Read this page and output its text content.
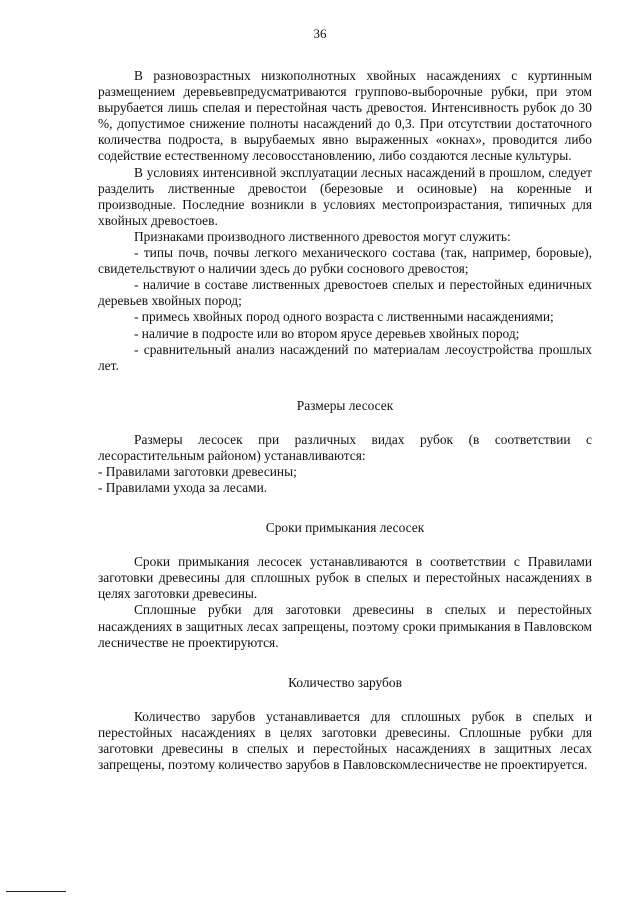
36

В разновозрастных низкополнотных хвойных насаждениях с куртинным размещением деревьевпредусматриваются группово-выборочные рубки, при этом вырубается лишь спелая и перестойная часть древостоя. Интенсивность рубок до 30 %, допустимое снижение полноты насаждений до 0,3. При отсутствии достаточного количества подроста, в вырубаемых явно выраженных «окнах», проводится либо содействие естественному лесовосстановлению, либо создаются лесные культуры.

В условиях интенсивной эксплуатации лесных насаждений в прошлом, следует разделить лиственные древостои (березовые и осиновые) на коренные и производные. Последние возникли в условиях местопроизрастания, типичных для хвойных древостоев.

Признаками производного лиственного древостоя могут служить:

- типы почв, почвы легкого механического состава (так, например, боровые), свидетельствуют о наличии здесь до рубки соснового древостоя;

- наличие в составе лиственных древостоев спелых и перестойных единичных деревьев хвойных пород;

- примесь хвойных пород одного возраста с лиственными насаждениями;

- наличие в подросте или во втором ярусе деревьев хвойных пород;

- сравнительный анализ насаждений по материалам лесоустройства прошлых лет.

Размеры лесосек

Размеры лесосек при различных видах рубок (в соответствии с лесорастительным районом) устанавливаются:

- Правилами заготовки древесины;

- Правилами ухода за лесами.

Сроки примыкания лесосек

Сроки примыкания лесосек устанавливаются в соответствии с Правилами заготовки древесины для сплошных рубок в спелых и перестойных насаждениях в целях заготовки древесины.

Сплошные рубки для заготовки древесины в спелых и перестойных насаждениях в защитных лесах запрещены, поэтому сроки примыкания в Павловском лесничестве не проектируются.

Количество зарубов

Количество зарубов устанавливается для сплошных рубок в спелых и перестойных насаждениях в целях заготовки древесины. Сплошные рубки для заготовки древесины в спелых и перестойных насаждениях в защитных лесах запрещены, поэтому количество зарубов в Павловскомлесничестве не проектируется.
